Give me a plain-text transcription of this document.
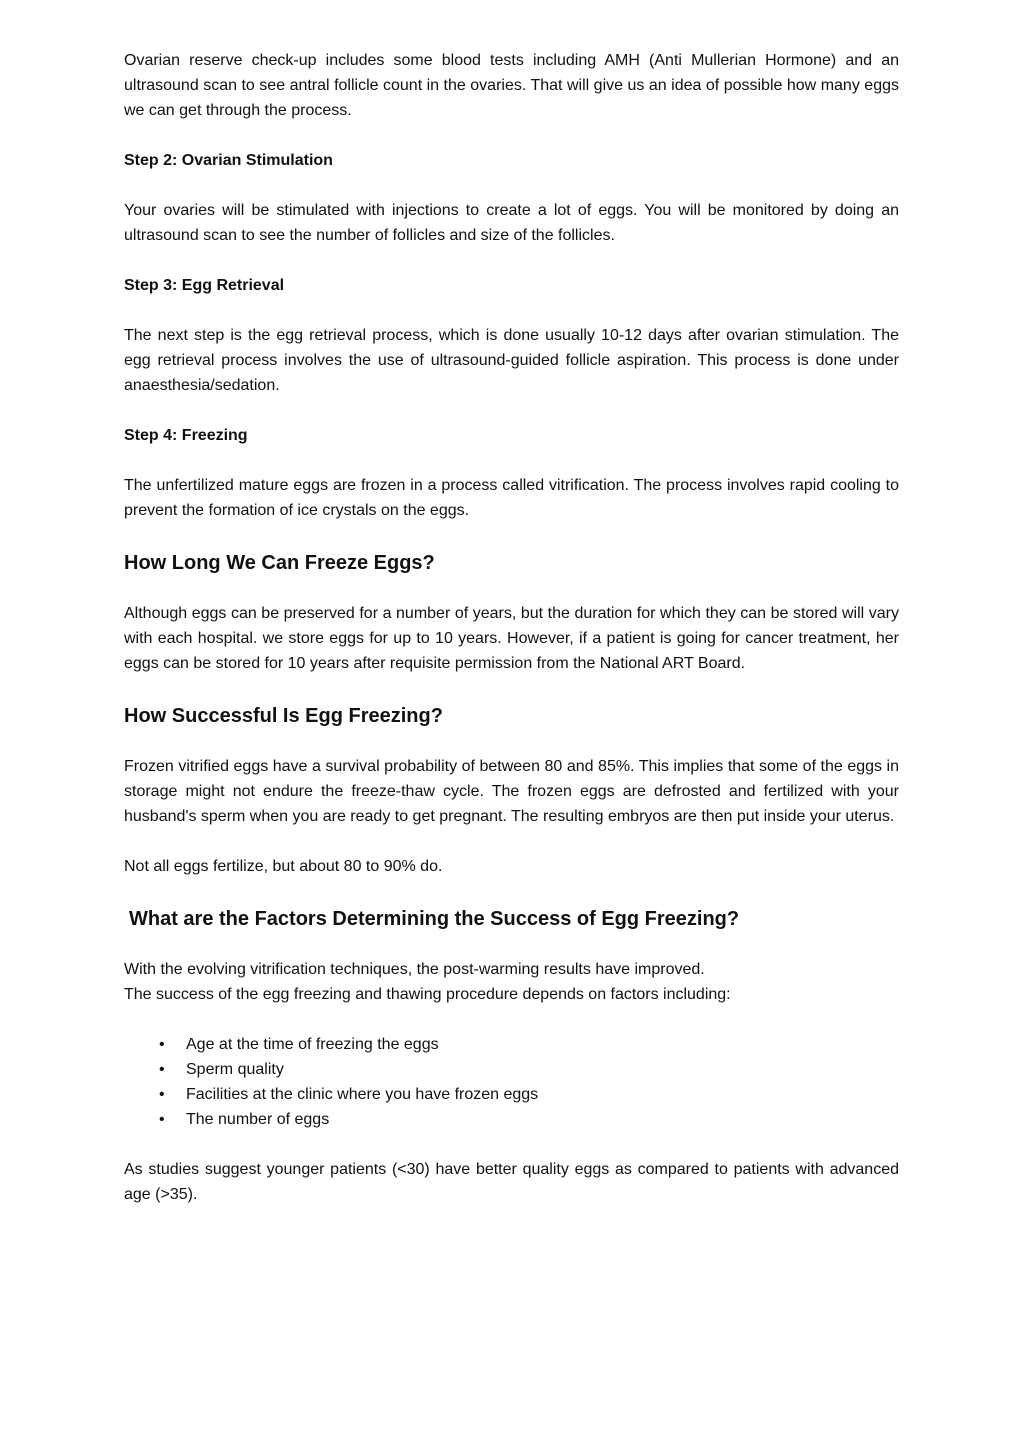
Ovarian reserve check-up includes some blood tests including AMH (Anti Mullerian Hormone) and an ultrasound scan to see antral follicle count in the ovaries. That will give us an idea of possible how many eggs we can get through the process.

Step 2: Ovarian Stimulation

Your ovaries will be stimulated with injections to create a lot of eggs. You will be monitored by doing an ultrasound scan to see the number of follicles and size of the follicles.

Step 3: Egg Retrieval

The next step is the egg retrieval process, which is done usually 10-12 days after ovarian stimulation. The egg retrieval process involves the use of ultrasound-guided follicle aspiration. This process is done under anaesthesia/sedation.

Step 4: Freezing

The unfertilized mature eggs are frozen in a process called vitrification. The process involves rapid cooling to prevent the formation of ice crystals on the eggs.

How Long We Can Freeze Eggs?

Although eggs can be preserved for a number of years, but the duration for which they can be stored will vary with each hospital. we store eggs for up to 10 years. However, if a patient is going for cancer treatment, her eggs can be stored for 10 years after requisite permission from the National ART Board.

How Successful Is Egg Freezing?

Frozen vitrified eggs have a survival probability of between 80 and 85%. This implies that some of the eggs in storage might not endure the freeze-thaw cycle. The frozen eggs are defrosted and fertilized with your husband's sperm when you are ready to get pregnant. The resulting embryos are then put inside your uterus.

Not all eggs fertilize, but about 80 to 90% do.

What are the Factors Determining the Success of Egg Freezing?

With the evolving vitrification techniques, the post-warming results have improved.

The success of the egg freezing and thawing procedure depends on factors including:

• Age at the time of freezing the eggs
• Sperm quality
• Facilities at the clinic where you have frozen eggs
• The number of eggs

As studies suggest younger patients (<30) have better quality eggs as compared to patients with advanced age (>35).
